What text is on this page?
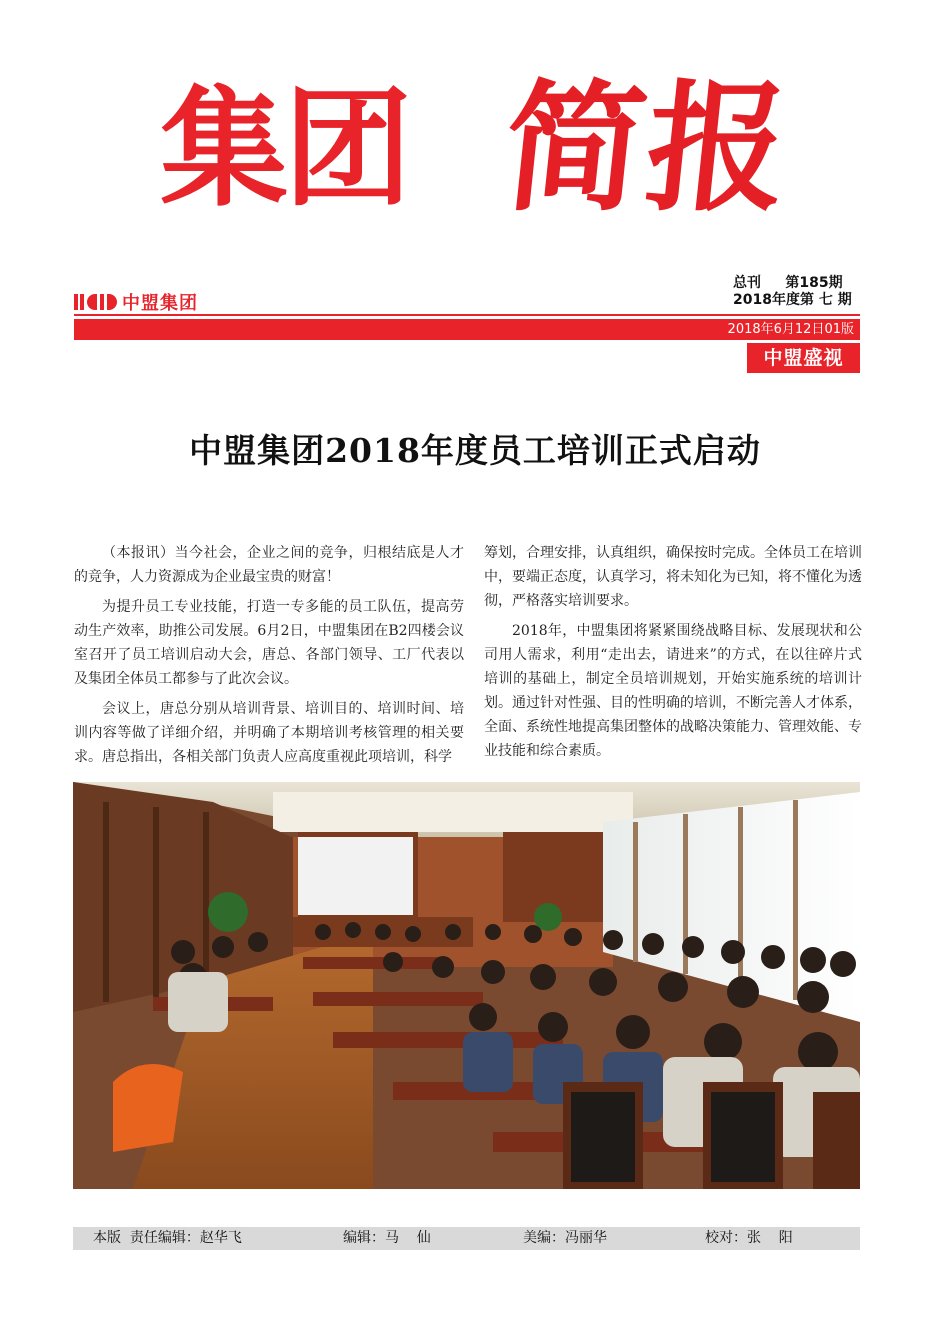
集团 简报
中盟集团
总刊     第185期
2018年度第 七 期
2018年6月12日01版
中盟盛视
中盟集团2018年度员工培训正式启动

（本报讯）当今社会，企业之间的竞争，归根结底是人才的竞争，人力资源成为企业最宝贵的财富！

为提升员工专业技能，打造一专多能的员工队伍，提高劳动生产效率，助推公司发展。6月2日，中盟集团在B2四楼会议室召开了员工培训启动大会，唐总、各部门领导、工厂代表以及集团全体员工都参与了此次会议。

会议上，唐总分别从培训背景、培训目的、培训时间、培训内容等做了详细介绍，并明确了本期培训考核管理的相关要求。唐总指出，各相关部门负责人应高度重视此项培训，科学

筹划，合理安排，认真组织，确保按时完成。全体员工在培训中，要端正态度，认真学习，将未知化为已知，将不懂化为透彻，严格落实培训要求。

2018年，中盟集团将紧紧围绕战略目标、发展现状和公司用人需求，利用“走出去，请进来”的方式，在以往碎片式培训的基础上，制定全员培训规划，开始实施系统的培训计划。通过针对性强、目的性明确的培训，不断完善人才体系，全面、系统性地提高集团整体的战略决策能力、管理效能、专业技能和综合素质。

本版  责任编辑：赵华飞	编辑：马    仙	美编：冯丽华	校对：张    阳
